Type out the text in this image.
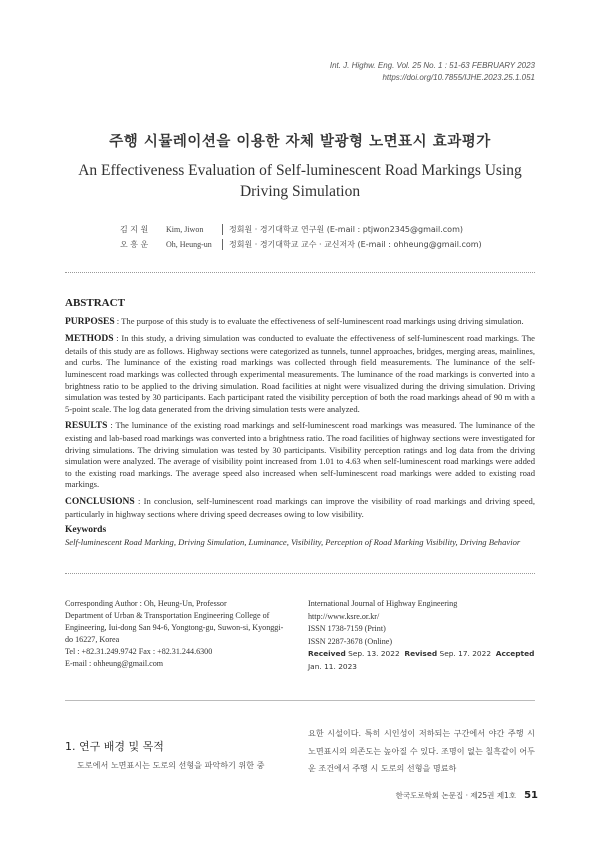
Int. J. Highw. Eng. Vol. 25 No. 1 : 51-63 FEBRUARY 2023
https://doi.org/10.7855/IJHE.2023.25.1.051
주행 시뮬레이션을 이용한 자체 발광형 노면표시 효과평가
An Effectiveness Evaluation of Self-luminescent Road Markings Using
Driving Simulation
김 지 원	Kim, Jiwon	정회원 · 경기대학교 연구원 (E-mail : ptjwon2345@gmail.com)
오 흥 운	Oh, Heung-un	정회원 · 경기대학교 교수 · 교신저자 (E-mail : ohheung@gmail.com)
ABSTRACT

PURPOSES : The purpose of this study is to evaluate the effectiveness of self-luminescent road markings using driving simulation.

METHODS : In this study, a driving simulation was conducted to evaluate the effectiveness of self-luminescent road markings. The details of this study are as follows. Highway sections were categorized as tunnels, tunnel approaches, bridges, merging areas, mainlines, and curbs. The luminance of the existing road markings was collected through field measurements. The luminance of the self-luminescent road markings was collected through experimental measurements. The luminance of the road markings is converted into a brightness ratio to be applied to the driving simulation. Road facilities at night were visualized during the driving simulation. Driving simulation was tested by 30 participants. Each participant rated the visibility perception of both the road markings ahead of 90 m with a 5-point scale. The log data generated from the driving simulation tests were analyzed.

RESULTS : The luminance of the existing road markings and self-luminescent road markings was measured. The luminance of the existing and lab-based road markings was converted into a brightness ratio. The road facilities of highway sections were investigated for driving simulations. The driving simulation was tested by 30 participants. Visibility perception ratings and log data from the driving simulation were analyzed. The average of visibility point increased from 1.01 to 4.63 when self-luminescent road markings were added to the existing road markings. The average speed also increased when self-luminescent road markings were added to existing road markings.

CONCLUSIONS : In conclusion, self-luminescent road markings can improve the visibility of road markings and driving speed, particularly in highway sections where driving speed decreases owing to low visibility.

Keywords
Self-luminescent Road Marking, Driving Simulation, Luminance, Visibility, Perception of Road Marking Visibility, Driving Behavior
Corresponding Author : Oh, Heung-Un, Professor
Department of Urban & Transportation Engineering College of Engineering, Iui-dong San 94-6, Yongtong-gu, Suwon-si, Kyonggi-do 16227, Korea
Tel : +82.31.249.9742 Fax : +82.31.244.6300
E-mail : ohheung@gmail.com
International Journal of Highway Engineering
http://www.ksre.or.kr/
ISSN 1738-7159 (Print)
ISSN 2287-3678 (Online)
Received Sep. 13. 2022 Revised Sep. 17. 2022 Accepted Jan. 11. 2023
1. 연구 배경 및 목적
도로에서 노면표시는 도로의 선형을 파악하기 위한 중
요한 시설이다. 특히 시인성이 저하되는 구간에서 야간 주행 시 노면표시의 의존도는 높아질 수 있다. 조명이 없는 칠흑같이 어두운 조건에서 주행 시 도로의 선형을 명료하
한국도로학회 논문집 · 제25권 제1호 51
